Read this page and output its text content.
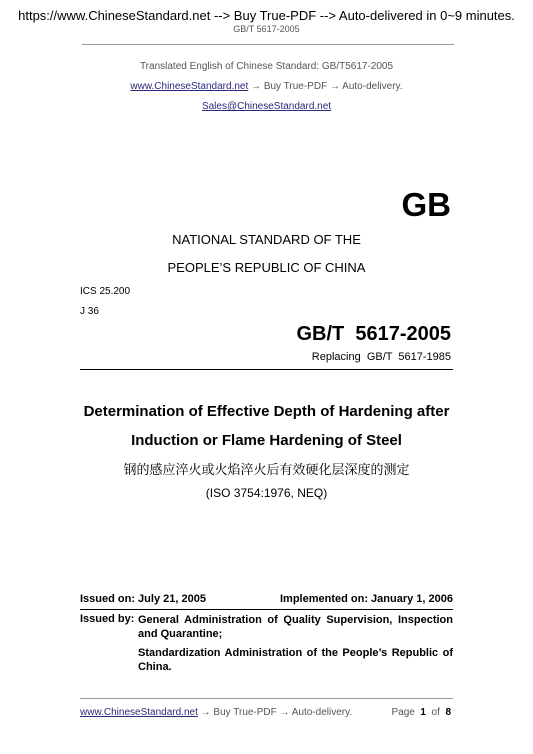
https://www.ChineseStandard.net --> Buy True-PDF --> Auto-delivered in 0~9 minutes.
GB/T 5617-2005
Translated English of Chinese Standard: GB/T5617-2005
www.ChineseStandard.net → Buy True-PDF → Auto-delivery.
Sales@ChineseStandard.net
GB
NATIONAL STANDARD OF THE
PEOPLE’S REPUBLIC OF CHINA
ICS 25.200
J 36
GB/T  5617-2005
Replacing  GB/T  5617-1985
Determination of Effective Depth of Hardening after
Induction or Flame Hardening of Steel
钢的感应淬火或火焰淬火后有效硬化层深度的测定
(ISO 3754:1976, NEQ)
Issued on: July 21, 2005	Implemented on: January 1, 2006
Issued by: General Administration of Quality Supervision, Inspection and Quarantine;
Standardization Administration of the People’s Republic of China.
www.ChineseStandard.net → Buy True-PDF → Auto-delivery.	Page 1 of 8
